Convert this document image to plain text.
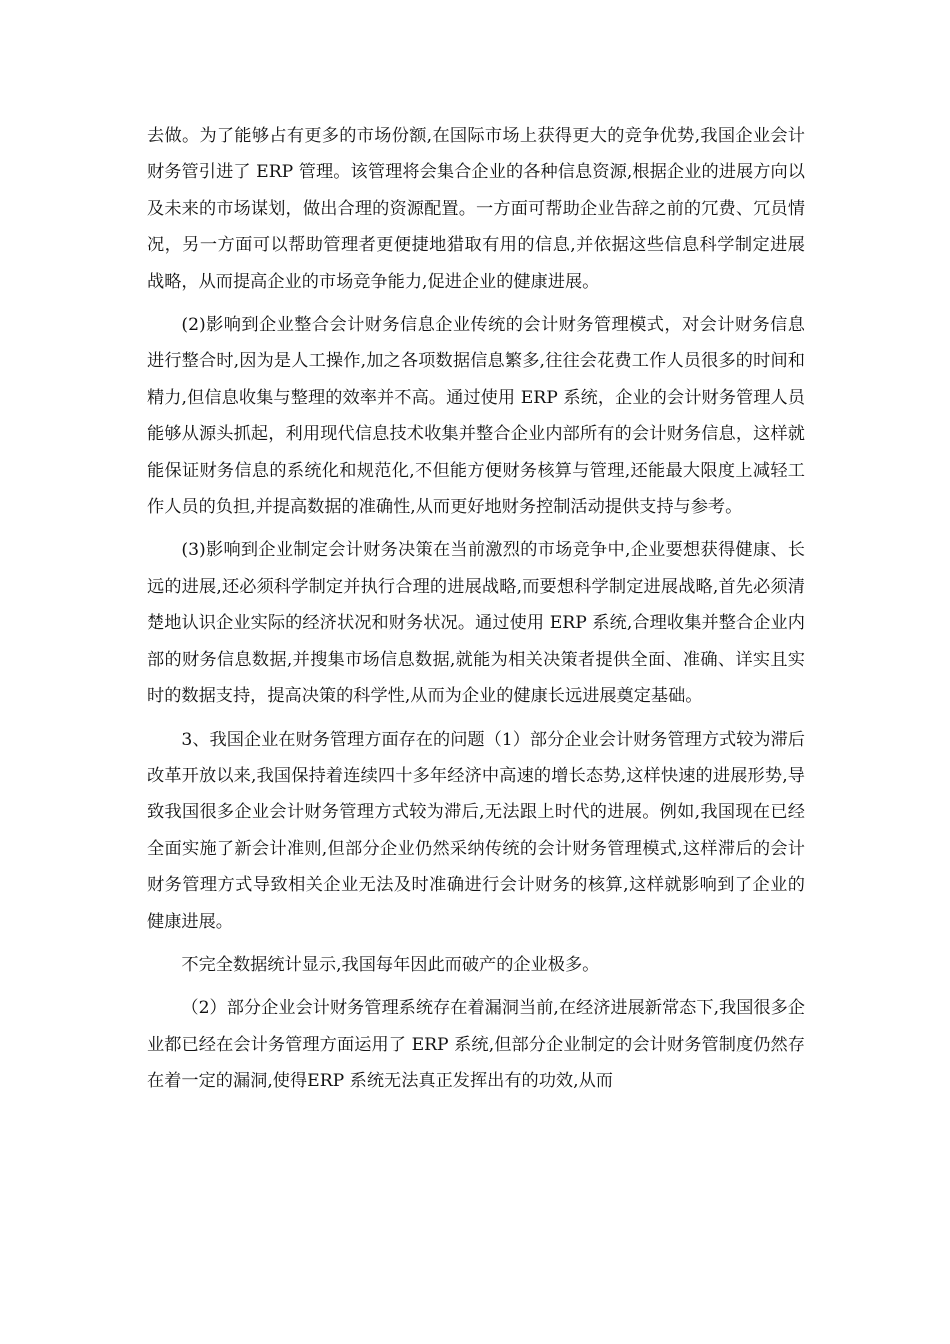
去做。为了能够占有更多的市场份额,在国际市场上获得更大的竞争优势,我国企业会计财务管引进了 ERP 管理。该管理将会集合企业的各种信息资源,根据企业的进展方向以及未来的市场谋划，做出合理的资源配置。一方面可帮助企业告辞之前的冗费、冗员情况，另一方面可以帮助管理者更便捷地猎取有用的信息,并依据这些信息科学制定进展战略，从而提高企业的市场竞争能力,促进企业的健康进展。

(2)影响到企业整合会计财务信息企业传统的会计财务管理模式，对会计财务信息进行整合时,因为是人工操作,加之各项数据信息繁多,往往会花费工作人员很多的时间和精力,但信息收集与整理的效率并不高。通过使用 ERP 系统，企业的会计财务管理人员能够从源头抓起，利用现代信息技术收集并整合企业内部所有的会计财务信息，这样就能保证财务信息的系统化和规范化,不但能方便财务核算与管理,还能最大限度上减轻工作人员的负担,并提高数据的准确性,从而更好地财务控制活动提供支持与参考。

(3)影响到企业制定会计财务决策在当前激烈的市场竞争中,企业要想获得健康、长远的进展,还必须科学制定并执行合理的进展战略,而要想科学制定进展战略,首先必须清楚地认识企业实际的经济状况和财务状况。通过使用 ERP 系统,合理收集并整合企业内部的财务信息数据,并搜集市场信息数据,就能为相关决策者提供全面、准确、详实且实时的数据支持，提高决策的科学性,从而为企业的健康长远进展奠定基础。

3、我国企业在财务管理方面存在的问题（1）部分企业会计财务管理方式较为滞后改革开放以来,我国保持着连续四十多年经济中高速的增长态势,这样快速的进展形势,导致我国很多企业会计财务管理方式较为滞后,无法跟上时代的进展。例如,我国现在已经全面实施了新会计准则,但部分企业仍然采纳传统的会计财务管理模式,这样滞后的会计财务管理方式导致相关企业无法及时准确进行会计财务的核算,这样就影响到了企业的健康进展。

不完全数据统计显示,我国每年因此而破产的企业极多。

（2）部分企业会计财务管理系统存在着漏洞当前,在经济进展新常态下,我国很多企业都已经在会计务管理方面运用了 ERP 系统,但部分企业制定的会计财务管制度仍然存在着一定的漏洞,使得ERP 系统无法真正发挥出有的功效,从而
